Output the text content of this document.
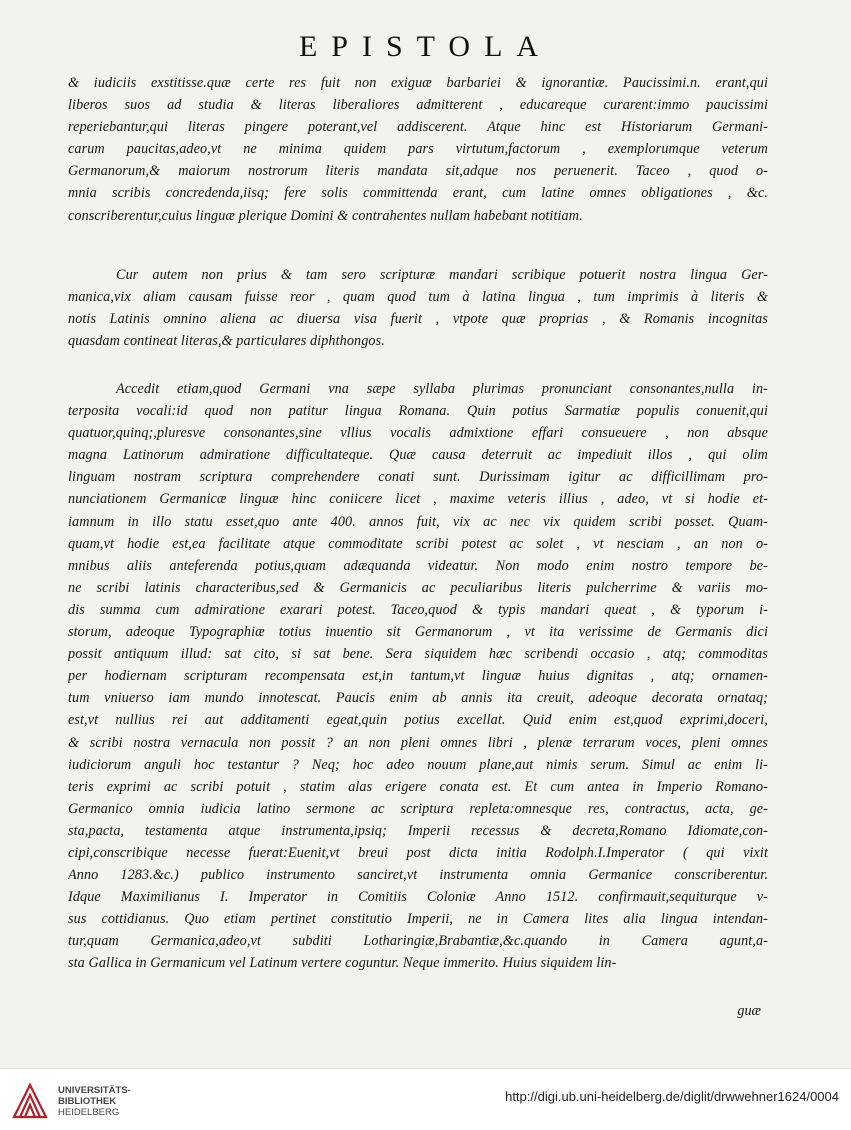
EPISTOLA
& iudiciis exstitisse.quæ certe res fuit non exiguæ barbariei & ignorantiæ. Paucissimi.n. erant,qui
liberos suos ad studia & literas liberaliores admitterent , educareque curarent:immo paucissimi
reperiebantur,qui literas pingere poterant,vel addiscerent. Atque hinc est Historiarum Germani-
carum paucitas,adeo,vt ne minima quidem pars virtutum,factorum , exemplorumque veterum
Germanorum,& maiorum nostrorum literis mandata sit,adque nos peruenerit. Taceo , quod o-
mnia scribis concredenda,iisq; fere solis committenda erant, cum latine omnes obligationes , &c.
conscriberentur,cuius linguæ plerique Domini & contrahentes nullam habebant notitiam.
Cur autem non prius & tam sero scripturæ mandari scribique potuerit nostra lingua Ger-
manica,vix aliam causam fuisse reor , quam quod tum à latina lingua , tum imprimis à literis &
notis Latinis omnino aliena ac diuersa visa fuerit , vtpote quæ proprias , & Romanis incognitas
quasdam contineat literas,& particulares diphthongos.
Accedit etiam,quod Germani vna sæpe syllaba plurimas pronunciant consonantes,nulla in-
terposita vocali:id quod non patitur lingua Romana. Quin potius Sarmatiæ populis conuenit,qui
quatuor,quinq;,pluresve consonantes,sine vllius vocalis admixtione effari consueuere , non absque
magna Latinorum admiratione difficultateque. Quæ causa deterruit ac impediuit illos , qui olim
linguam nostram scriptura comprehendere conati sunt. Durissimam igitur ac difficillimam pro-
nunciationem Germanicæ linguæ hinc coniicere licet , maxime veteris illius , adeo, vt si hodie et-
iamnum in illo statu esset,quo ante 400. annos fuit, vix ac nec vix quidem scribi posset. Quam-
quam,vt hodie est,ea facilitate atque commoditate scribi potest ac solet , vt nesciam , an non o-
mnibus aliis anteferenda potius,quam adæquanda videatur. Non modo enim nostro tempore be-
ne scribi latinis characteribus,sed & Germanicis ac peculiaribus literis pulcherrime & variis mo-
dis summa cum admiratione exarari potest. Taceo,quod & typis mandari queat , & typorum i-
storum, adeoque Typographiæ totius inuentio sit Germanorum , vt ita verissime de Germanis dici
possit antiquum illud: sat cito, si sat bene. Sera siquidem hæc scribendi occasio , atq; commoditas
per hodiernam scripturam recompensata est,in tantum,vt linguæ huius dignitas , atq; ornamen-
tum vniuerso iam mundo innotescat. Paucis enim ab annis ita creuit, adeoque decorata ornataq;
est,vt nullius rei aut additamenti egeat,quin potius excellat. Quid enim est,quod exprimi,doceri,
& scribi nostra vernacula non possit ? an non pleni omnes libri , plenæ terrarum voces, pleni omnes
iudiciorum anguli hoc testantur ? Neq; hoc adeo nouum plane,aut nimis serum. Simul ac enim li-
teris exprimi ac scribi potuit , statim alas erigere conata est. Et cum antea in Imperio Romano-
Germanico omnia iudicia latino sermone ac scriptura repleta:omnesque res, contractus, acta, ge-
sta,pacta, testamenta atque instrumenta,ipsiq; Imperii recessus & decreta,Romano Idiomate,con-
cipi,conscribique necesse fuerat:Euenit,vt breui post dicta initia Rodolph.I.Imperator ( qui vixit
Anno 1283.&c.) publico instrumento sanciret,vt instrumenta omnia Germanice conscriberentur.
Idque Maximilianus I. Imperator in Comitiis Coloniæ Anno 1512. confirmauit,sequiturque v-
sus cottidianus. Quo etiam pertinet constitutio Imperii, ne in Camera lites alia lingua intendan-
tur,quam Germanica,adeo,vt subditi Lotharingiæ,Brabantiæ,&c.quando in Camera agunt,a-
sta Gallica in Germanicum vel Latinum vertere coguntur. Neque immerito. Huius siquidem lin-
guæ
UNIVERSITÄTS-
BIBLIOTHEK
HEIDELBERG
http://digi.ub.uni-heidelberg.de/diglit/drwwehner1624/0004
